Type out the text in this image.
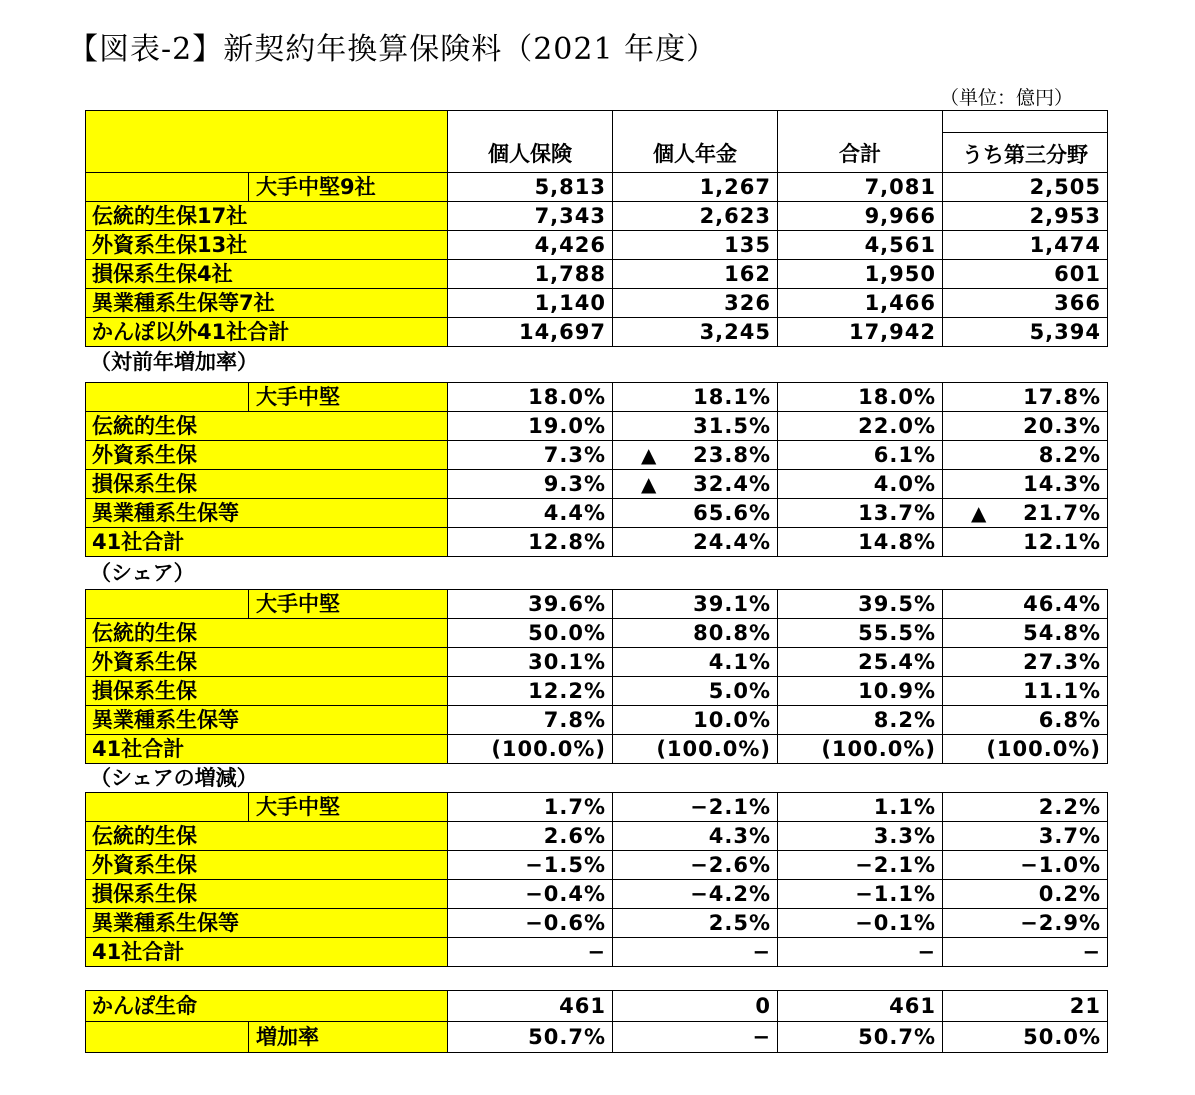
【図表-2】新契約年換算保険料（2021 年度）
（単位：億円）

	個人保険	個人年金	合計	うち第三分野

大手中堅9社	5,813	1,267	7,081	2,505
伝統的生保17社	7,343	2,623	9,966	2,953
外資系生保13社	4,426	135	4,561	1,474
損保系生保4社	1,788	162	1,950	601
異業種系生保等7社	1,140	326	1,466	366
かんぽ以外41社合計	14,697	3,245	17,942	5,394
（対前年増加率）
大手中堅	18.0%	18.1%	18.0%	17.8%
伝統的生保	19.0%	31.5%	22.0%	20.3%
外資系生保	7.3%	▲ 23.8%	6.1%	8.2%
損保系生保	9.3%	▲ 32.4%	4.0%	14.3%
異業種系生保等	4.4%	65.6%	13.7%	▲ 21.7%
41社合計	12.8%	24.4%	14.8%	12.1%
（シェア）
大手中堅	39.6%	39.1%	39.5%	46.4%
伝統的生保	50.0%	80.8%	55.5%	54.8%
外資系生保	30.1%	4.1%	25.4%	27.3%
損保系生保	12.2%	5.0%	10.9%	11.1%
異業種系生保等	7.8%	10.0%	8.2%	6.8%
41社合計	(100.0%)	(100.0%)	(100.0%)	(100.0%)
（シェアの増減）
大手中堅	1.7%	−2.1%	1.1%	2.2%
伝統的生保	2.6%	4.3%	3.3%	3.7%
外資系生保	−1.5%	−2.6%	−2.1%	−1.0%
損保系生保	−0.4%	−4.2%	−1.1%	0.2%
異業種系生保等	−0.6%	2.5%	−0.1%	−2.9%
41社合計	−	−	−	−
かんぽ生命	461	0	461	21
増加率	50.7%	−	50.7%	50.0%
